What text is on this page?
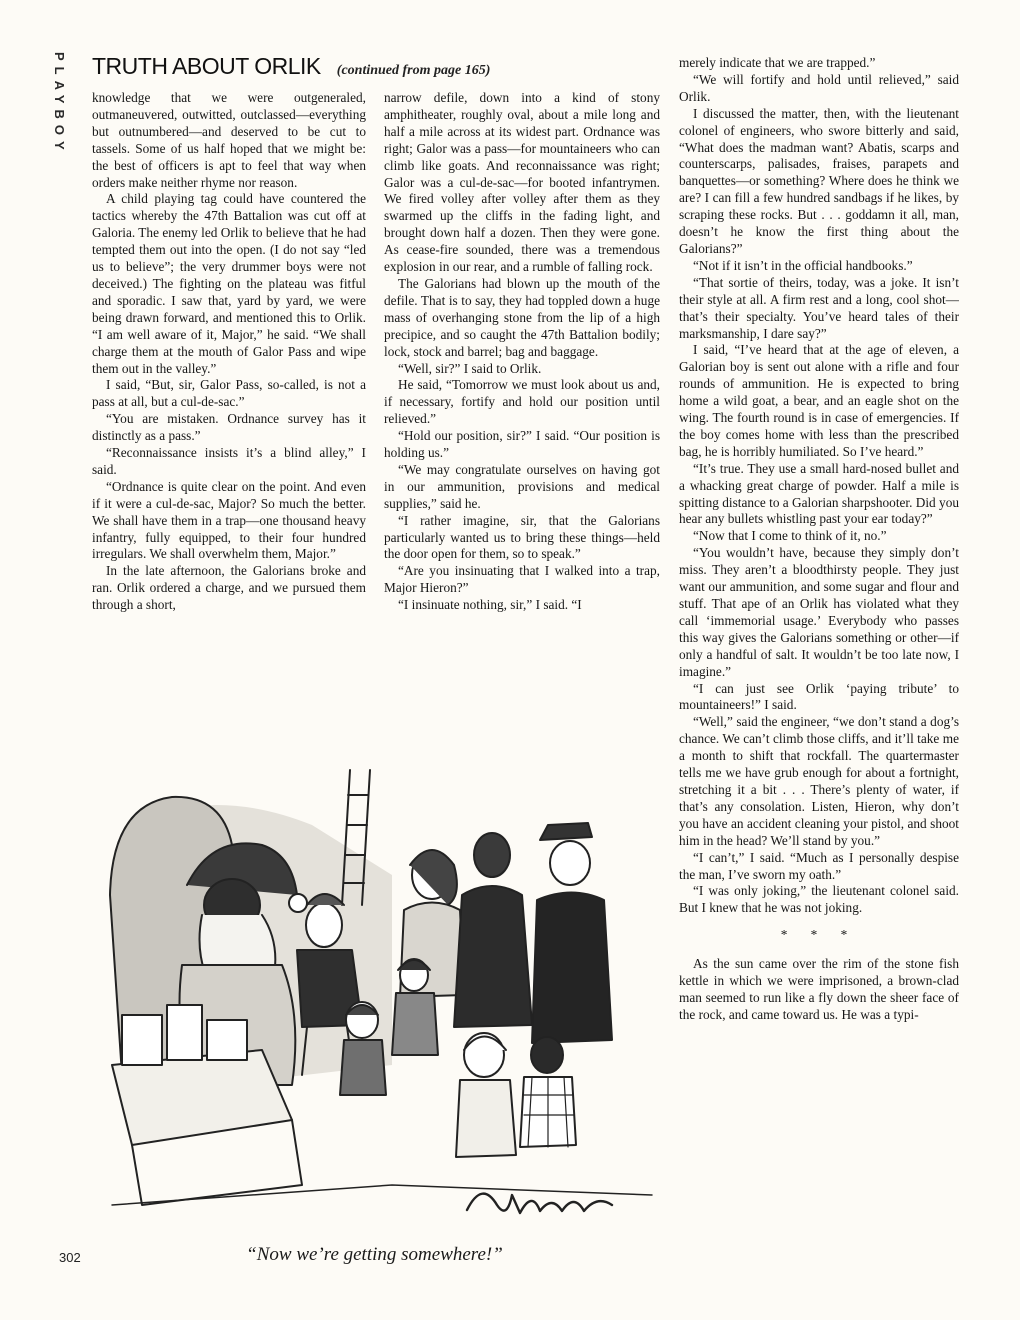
PLAYBOY TRUTH ABOUT ORLIK (continued from page 165)

knowledge that we were outgeneraled, outmaneuvered, outwitted, outclassed—everything but outnumbered—and deserved to be cut to tassels. Some of us half hoped that we might be: the best of officers is apt to feel that way when orders make neither rhyme nor reason.

A child playing tag could have countered the tactics whereby the 47th Battalion was cut off at Galoria. The enemy led Orlik to believe that he had tempted them out into the open. (I do not say “led us to believe”; the very drummer boys were not deceived.) The fighting on the plateau was fitful and sporadic. I saw that, yard by yard, we were being drawn forward, and mentioned this to Orlik. “I am well aware of it, Major,” he said. “We shall charge them at the mouth of Galor Pass and wipe them out in the valley.”

I said, “But, sir, Galor Pass, so-called, is not a pass at all, but a cul-de-sac.”

“You are mistaken. Ordnance survey has it distinctly as a pass.”

“Reconnaissance insists it’s a blind alley,” I said.

“Ordnance is quite clear on the point. And even if it were a cul-de-sac, Major? So much the better. We shall have them in a trap—one thousand heavy infantry, fully equipped, to their four hundred irregulars. We shall overwhelm them, Major.”

In the late afternoon, the Galorians broke and ran. Orlik ordered a charge, and we pursued them through a short,

narrow defile, down into a kind of stony amphitheater, roughly oval, about a mile long and half a mile across at its widest part. Ordnance was right; Galor was a pass—for mountaineers who can climb like goats. And reconnaissance was right; Galor was a cul-de-sac—for booted infantrymen. We fired volley after volley after them as they swarmed up the cliffs in the fading light, and brought down half a dozen. Then they were gone. As cease-fire sounded, there was a tremendous explosion in our rear, and a rumble of falling rock.

The Galorians had blown up the mouth of the defile. That is to say, they had toppled down a huge mass of overhanging stone from the lip of a high precipice, and so caught the 47th Battalion bodily; lock, stock and barrel; bag and baggage.

“Well, sir?” I said to Orlik.

He said, “Tomorrow we must look about us and, if necessary, fortify and hold our position until relieved.”

“Hold our position, sir?” I said. “Our position is holding us.”

“We may congratulate ourselves on having got in our ammunition, provisions and medical supplies,” said he.

“I rather imagine, sir, that the Galorians particularly wanted us to bring these things—held the door open for them, so to speak.”

“Are you insinuating that I walked into a trap, Major Hieron?”

“I insinuate nothing, sir,” I said. “I

merely indicate that we are trapped.”

“We will fortify and hold until relieved,” said Orlik.

I discussed the matter, then, with the lieutenant colonel of engineers, who swore bitterly and said, “What does the madman want? Abatis, scarps and counterscarps, palisades, fraises, parapets and banquettes—or something? Where does he think we are? I can fill a few hundred sandbags if he likes, by scraping these rocks. But . . . goddamn it all, man, doesn’t he know the first thing about the Galorians?”

“Not if it isn’t in the official handbooks.”

“That sortie of theirs, today, was a joke. It isn’t their style at all. A firm rest and a long, cool shot—that’s their specialty. You’ve heard tales of their marksmanship, I dare say?”

I said, “I’ve heard that at the age of eleven, a Galorian boy is sent out alone with a rifle and four rounds of ammunition. He is expected to bring home a wild goat, a bear, and an eagle shot on the wing. The fourth round is in case of emergencies. If the boy comes home with less than the prescribed bag, he is horribly humiliated. So I’ve heard.”

“It’s true. They use a small hard-nosed bullet and a whacking great charge of powder. Half a mile is spitting distance to a Galorian sharpshooter. Did you hear any bullets whistling past your ear today?”

“Now that I come to think of it, no.”

“You wouldn’t have, because they simply don’t miss. They aren’t a bloodthirsty people. They just want our ammunition, and some sugar and flour and stuff. That ape of an Orlik has violated what they call ‘immemorial usage.’ Everybody who passes this way gives the Galorians something or other—if only a handful of salt. It wouldn’t be too late now, I imagine.”

“I can just see Orlik ‘paying tribute’ to mountaineers!” I said.

“Well,” said the engineer, “we don’t stand a dog’s chance. We can’t climb those cliffs, and it’ll take me a month to shift that rockfall. The quartermaster tells me we have grub enough for about a fortnight, stretching it a bit . . . There’s plenty of water, if that’s any consolation. Listen, Hieron, why don’t you have an accident cleaning your pistol, and shoot him in the head? We’ll stand by you.”

“I can’t,” I said. “Much as I personally despise the man, I’ve sworn my oath.”

“I was only joking,” the lieutenant colonel said. But I knew that he was not joking.

* * *

As the sun came over the rim of the stone fish kettle in which we were imprisoned, a brown-clad man seemed to run like a fly down the sheer face of the rock, and came toward us. He was a typi-

“Now we’re getting somewhere!”
302
